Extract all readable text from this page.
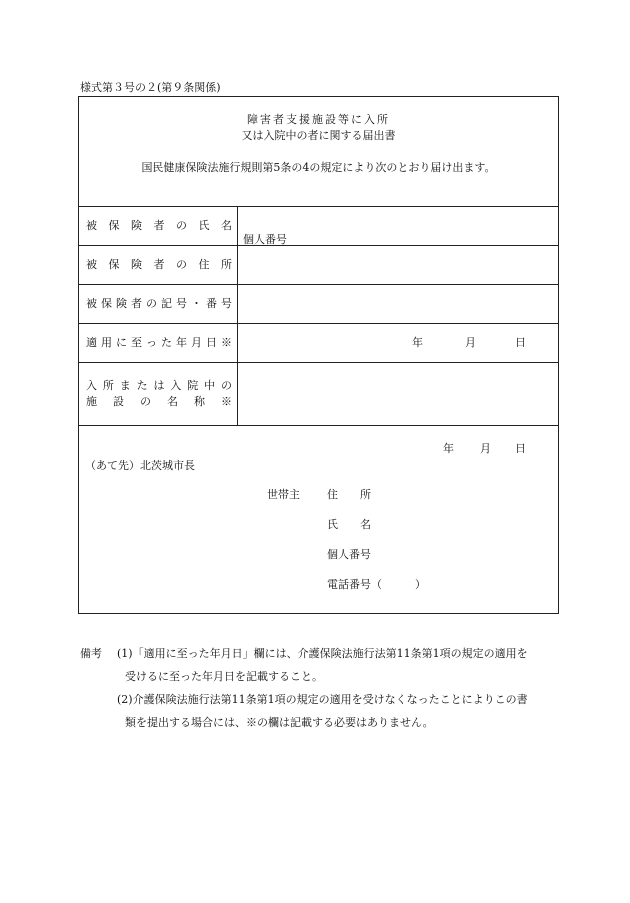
様式第３号の２(第９条関係)
障害者支援施設等に入所
又は入院中の者に関する届出書
国民健康保険法施行規則第5条の4の規定により次のとおり届け出ます。
被保険者の氏名
個人番号
被保険者の住所
被保険者の記号・番号
適用に至った年月日※	年	月	日
入所または入院中の
施設の名称※
年 月 日
（あて先）北茨城市長
世帯主 住　　所
氏　　名
個人番号
電話番号（　　　）
備考 (1)「適用に至った年月日」欄には、介護保険法施行法第11条第1項の規定の適用を
受けるに至った年月日を記載すること。
(2)介護保険法施行法第11条第1項の規定の適用を受けなくなったことによりこの書
類を提出する場合には、※の欄は記載する必要はありません。
